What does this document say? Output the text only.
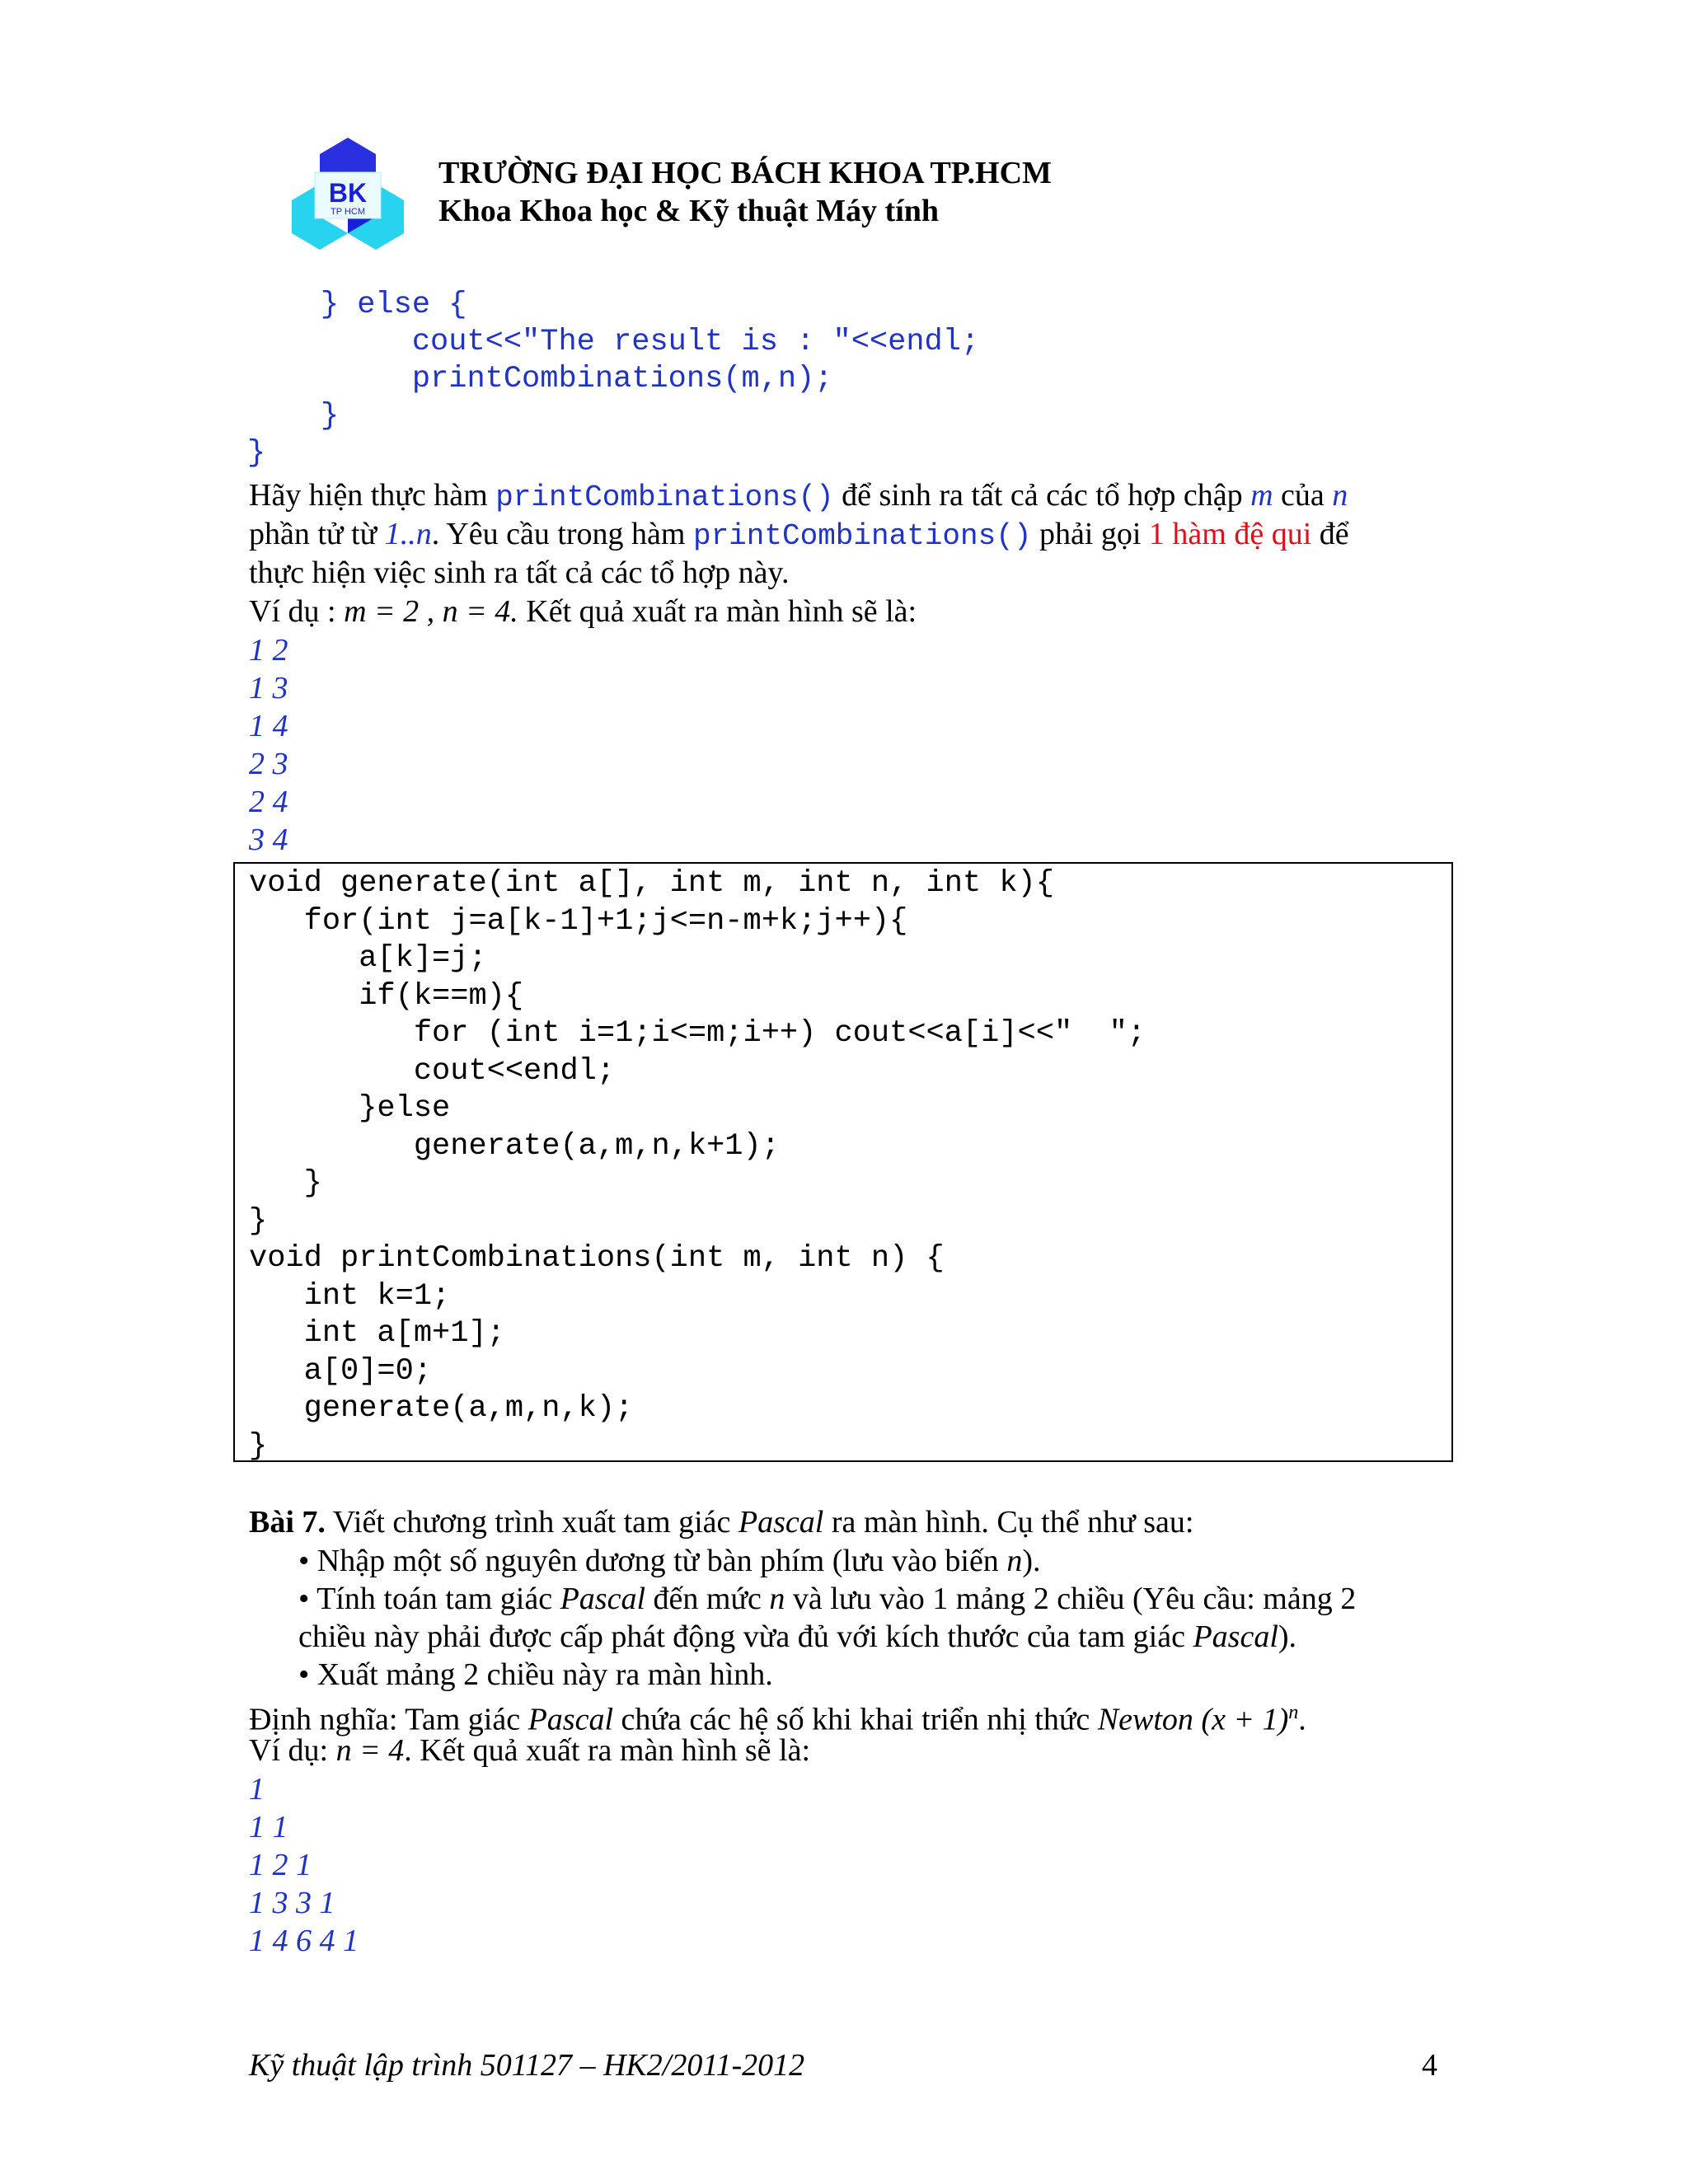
BK
TP HCM
TRƯỜNG ĐẠI HỌC BÁCH KHOA TP.HCM
Khoa Khoa học & Kỹ thuật Máy tính
} else {
cout<<"The result is : "<<endl;
printCombinations(m,n);
}
}
Hãy hiện thực hàm printCombinations() để sinh ra tất cả các tổ hợp chập m của n
phần tử từ 1..n. Yêu cầu trong hàm printCombinations() phải gọi 1 hàm đệ qui để
thực hiện việc sinh ra tất cả các tổ hợp này.
Ví dụ : m = 2 , n = 4. Kết quả xuất ra màn hình sẽ là:
1 2
1 3
1 4
2 3
2 4
3 4
void generate(int a[], int m, int n, int k){
for(int j=a[k-1]+1;j<=n-m+k;j++){
a[k]=j;
if(k==m){
for (int i=1;i<=m;i++) cout<<a[i]<<"  ";
cout<<endl;
}else
generate(a,m,n,k+1);
}
}
void printCombinations(int m, int n) {
int k=1;
int a[m+1];
a[0]=0;
generate(a,m,n,k);
}
Bài 7. Viết chương trình xuất tam giác Pascal ra màn hình. Cụ thể như sau:
• Nhập một số nguyên dương từ bàn phím (lưu vào biến n).
• Tính toán tam giác Pascal đến mức n và lưu vào 1 mảng 2 chiều (Yêu cầu: mảng 2
chiều này phải được cấp phát động vừa đủ với kích thước của tam giác Pascal).
• Xuất mảng 2 chiều này ra màn hình.
Định nghĩa: Tam giác Pascal chứa các hệ số khi khai triển nhị thức Newton $(x + 1)^n$.
Ví dụ: n = 4. Kết quả xuất ra màn hình sẽ là:
1
1 1
1 2 1
1 3 3 1
1 4 6 4 1
Kỹ thuật lập trình 501127 – HK2/2011-2012	4
